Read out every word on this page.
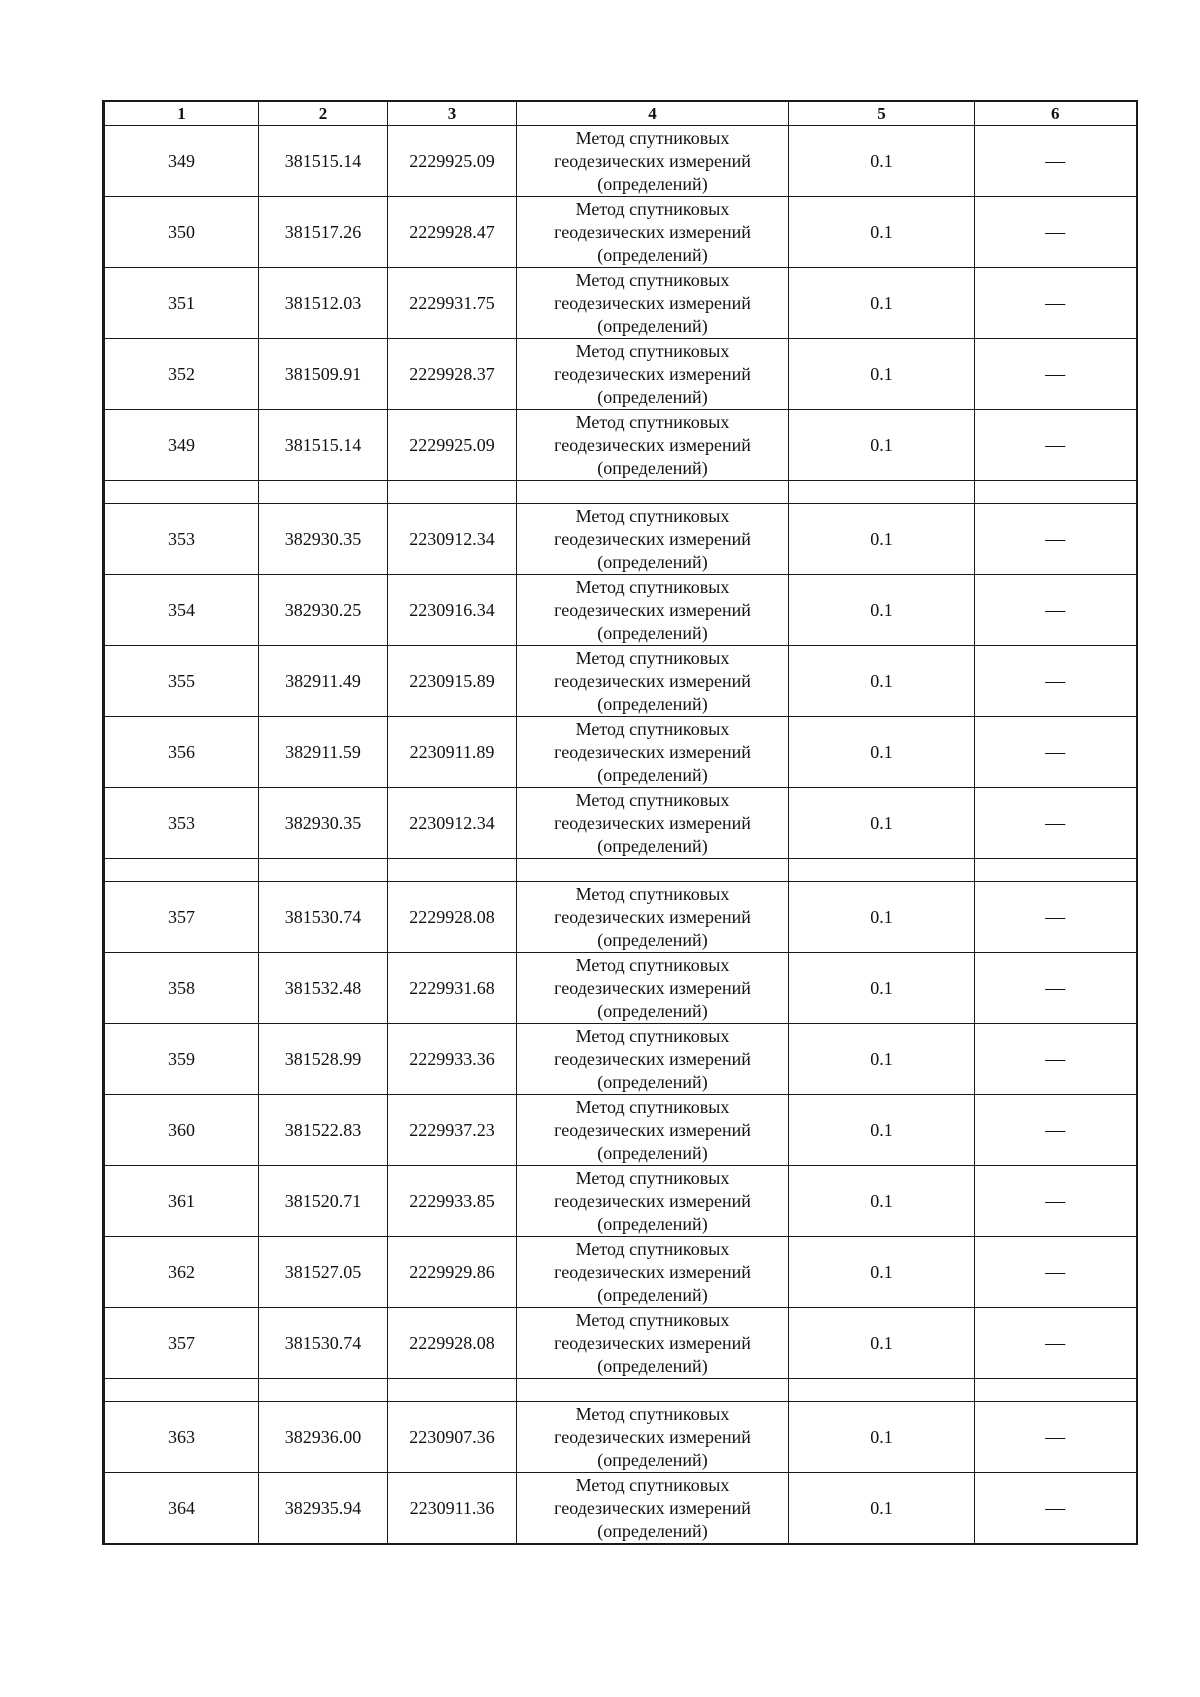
1	2	3	4	5	6
349	381515.14	2229925.09	Метод спутниковых
геодезических измерений
(определений)	0.1	—
350	381517.26	2229928.47	Метод спутниковых
геодезических измерений
(определений)	0.1	—
351	381512.03	2229931.75	Метод спутниковых
геодезических измерений
(определений)	0.1	—
352	381509.91	2229928.37	Метод спутниковых
геодезических измерений
(определений)	0.1	—
349	381515.14	2229925.09	Метод спутниковых
геодезических измерений
(определений)	0.1	—

353	382930.35	2230912.34	Метод спутниковых
геодезических измерений
(определений)	0.1	—
354	382930.25	2230916.34	Метод спутниковых
геодезических измерений
(определений)	0.1	—
355	382911.49	2230915.89	Метод спутниковых
геодезических измерений
(определений)	0.1	—
356	382911.59	2230911.89	Метод спутниковых
геодезических измерений
(определений)	0.1	—
353	382930.35	2230912.34	Метод спутниковых
геодезических измерений
(определений)	0.1	—

357	381530.74	2229928.08	Метод спутниковых
геодезических измерений
(определений)	0.1	—
358	381532.48	2229931.68	Метод спутниковых
геодезических измерений
(определений)	0.1	—
359	381528.99	2229933.36	Метод спутниковых
геодезических измерений
(определений)	0.1	—
360	381522.83	2229937.23	Метод спутниковых
геодезических измерений
(определений)	0.1	—
361	381520.71	2229933.85	Метод спутниковых
геодезических измерений
(определений)	0.1	—
362	381527.05	2229929.86	Метод спутниковых
геодезических измерений
(определений)	0.1	—
357	381530.74	2229928.08	Метод спутниковых
геодезических измерений
(определений)	0.1	—

363	382936.00	2230907.36	Метод спутниковых
геодезических измерений
(определений)	0.1	—
364	382935.94	2230911.36	Метод спутниковых
геодезических измерений
(определений)	0.1	—
